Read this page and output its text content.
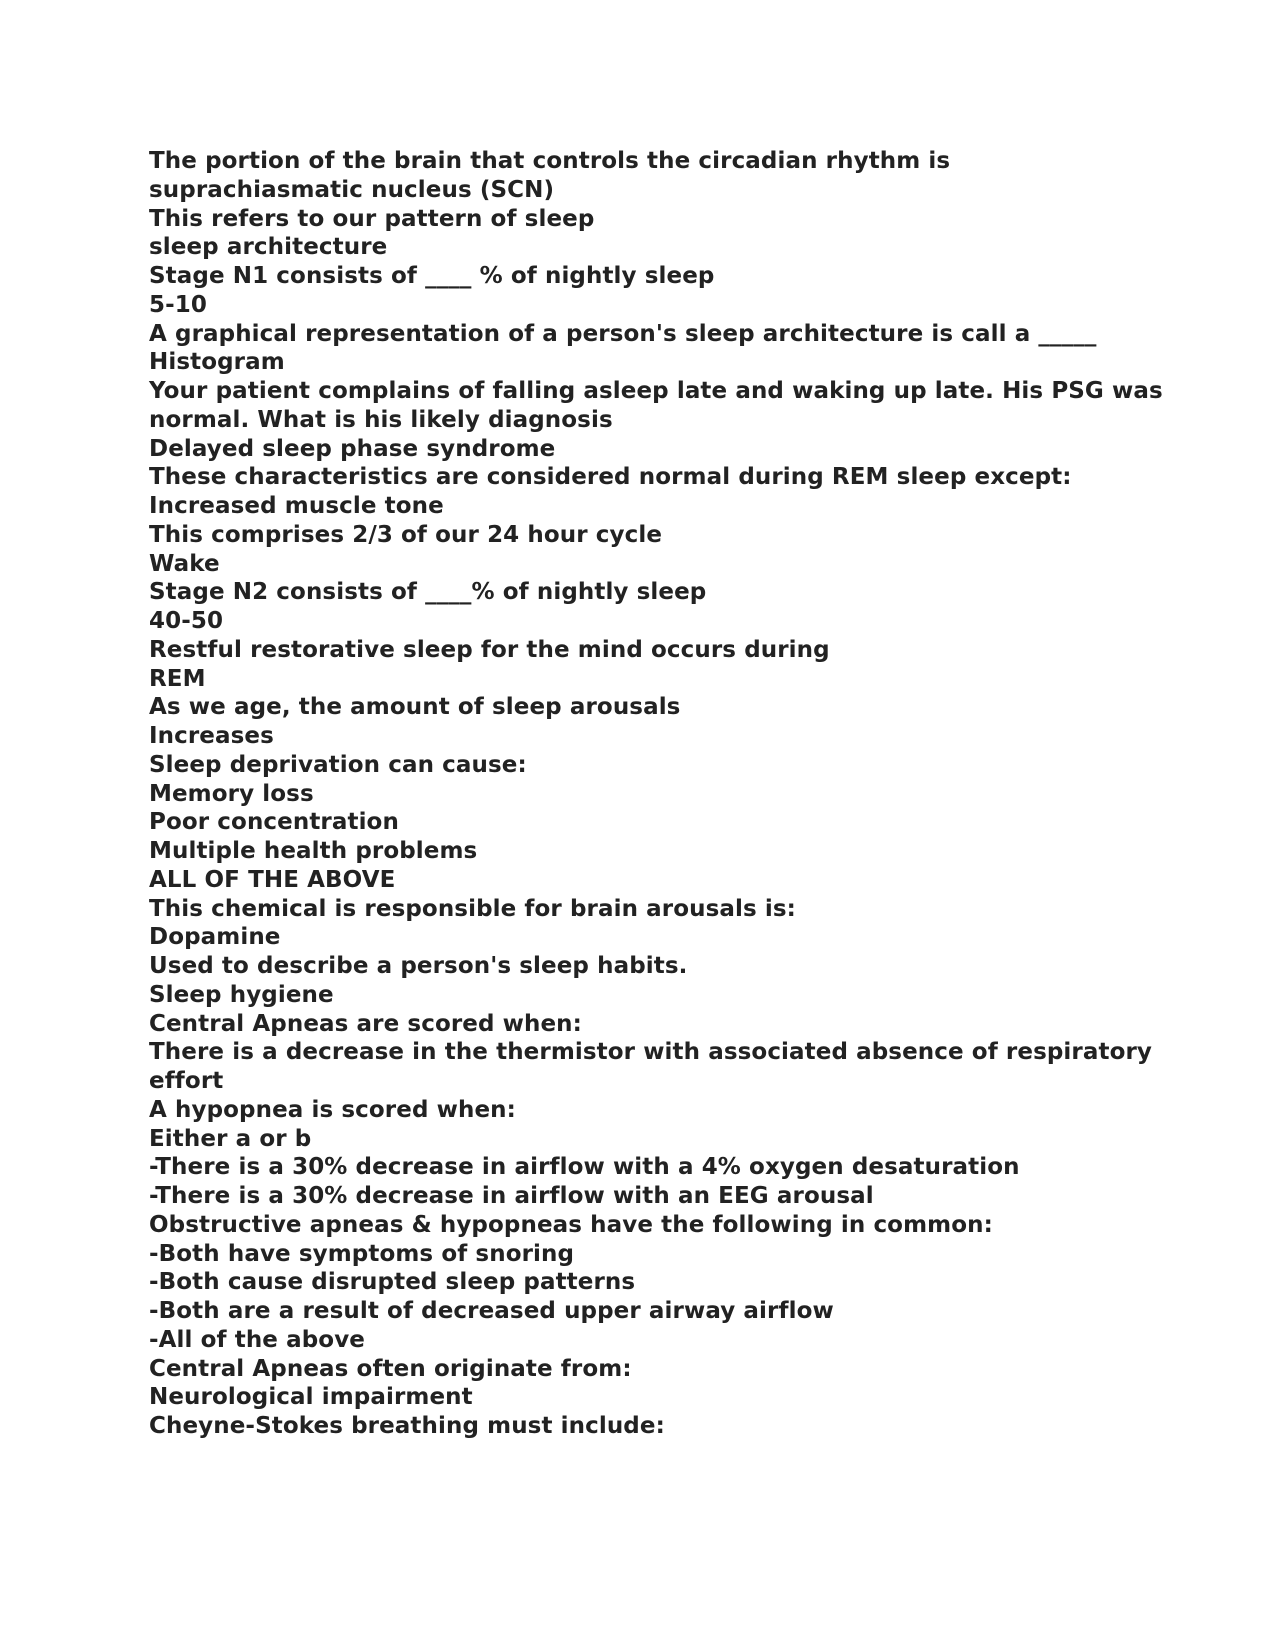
The portion of the brain that controls the circadian rhythm is
suprachiasmatic nucleus (SCN)
This refers to our pattern of sleep
sleep architecture
Stage N1 consists of ____ % of nightly sleep
5-10
A graphical representation of a person's sleep architecture is call a _____
Histogram
Your patient complains of falling asleep late and waking up late. His PSG was
normal. What is his likely diagnosis
Delayed sleep phase syndrome
These characteristics are considered normal during REM sleep except:
Increased muscle tone
This comprises 2/3 of our 24 hour cycle
Wake
Stage N2 consists of ____% of nightly sleep
40-50
Restful restorative sleep for the mind occurs during
REM
As we age, the amount of sleep arousals
Increases
Sleep deprivation can cause:
Memory loss
Poor concentration
Multiple health problems
ALL OF THE ABOVE
This chemical is responsible for brain arousals is:
Dopamine
Used to describe a person's sleep habits.
Sleep hygiene
Central Apneas are scored when:
There is a decrease in the thermistor with associated absence of respiratory
effort
A hypopnea is scored when:
Either a or b
-There is a 30% decrease in airflow with a 4% oxygen desaturation
-There is a 30% decrease in airflow with an EEG arousal
Obstructive apneas & hypopneas have the following in common:
-Both have symptoms of snoring
-Both cause disrupted sleep patterns
-Both are a result of decreased upper airway airflow
-All of the above
Central Apneas often originate from:
Neurological impairment
Cheyne-Stokes breathing must include:
